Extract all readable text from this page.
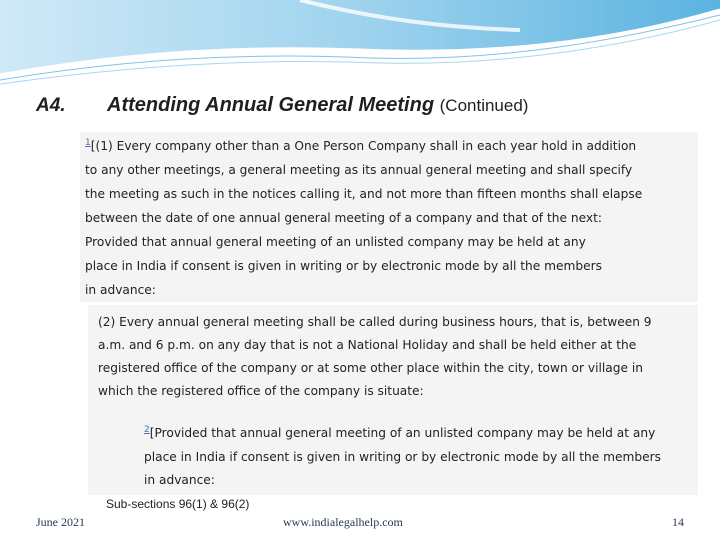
A4. Attending Annual General Meeting (Continued)
$^1$[(1) Every company other than a One Person Company shall in each year hold in addition
to any other meetings, a general meeting as its annual general meeting and shall specify
the meeting as such in the notices calling it, and not more than fifteen months shall elapse
between the date of one annual general meeting of a company and that of the next:
Provided that annual general meeting of an unlisted company may be held at any
place in India if consent is given in writing or by electronic mode by all the members
in advance:
(2) Every annual general meeting shall be called during business hours, that is, between 9
a.m. and 6 p.m. on any day that is not a National Holiday and shall be held either at the
registered office of the company or at some other place within the city, town or village in
which the registered office of the company is situate:
$^2$[Provided that annual general meeting of an unlisted company may be held at any
place in India if consent is given in writing or by electronic mode by all the members
in advance:
Sub-sections 96(1) & 96(2)
June 2021	www.indialegalhelp.com	14
